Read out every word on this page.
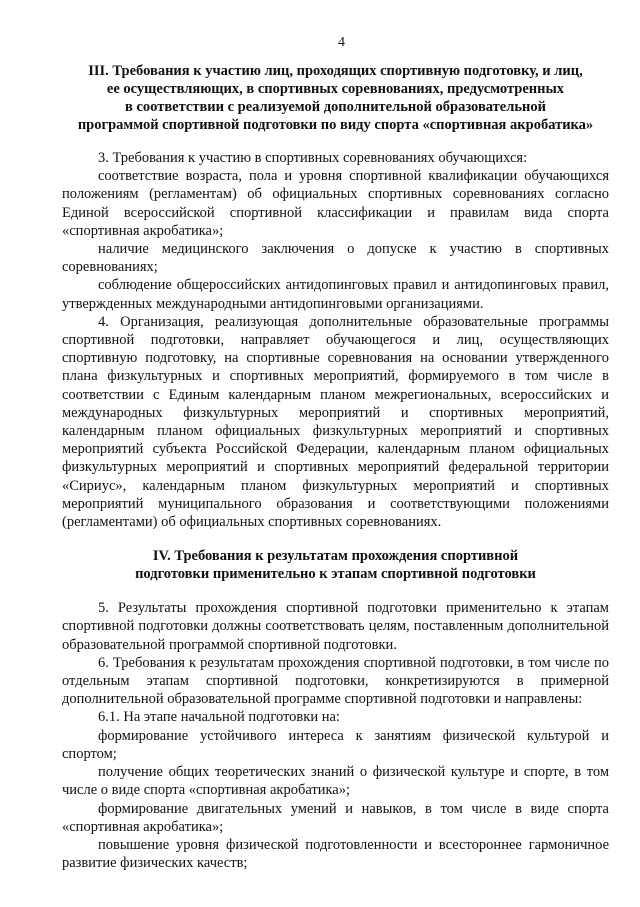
4
III. Требования к участию лиц, проходящих спортивную подготовку, и лиц,
ее осуществляющих, в спортивных соревнованиях, предусмотренных
в соответствии с реализуемой дополнительной образовательной
программой спортивной подготовки по виду спорта «спортивная акробатика»

3. Требования к участию в спортивных соревнованиях обучающихся:

соответствие возраста, пола и уровня спортивной квалификации обучающихся положениям (регламентам) об официальных спортивных соревнованиях согласно Единой всероссийской спортивной классификации и правилам вида спорта «спортивная акробатика»;

наличие медицинского заключения о допуске к участию в спортивных соревнованиях;

соблюдение общероссийских антидопинговых правил и антидопинговых правил, утвержденных международными антидопинговыми организациями.

4. Организация, реализующая дополнительные образовательные программы спортивной подготовки, направляет обучающегося и лиц, осуществляющих спортивную подготовку, на спортивные соревнования на основании утвержденного плана физкультурных и спортивных мероприятий, формируемого в том числе в соответствии с Единым календарным планом межрегиональных, всероссийских и международных физкультурных мероприятий и спортивных мероприятий, календарным планом официальных физкультурных мероприятий и спортивных мероприятий субъекта Российской Федерации, календарным планом официальных физкультурных мероприятий и спортивных мероприятий федеральной территории «Сириус», календарным планом физкультурных мероприятий и спортивных мероприятий муниципального образования и соответствующими положениями (регламентами) об официальных спортивных соревнованиях.

IV. Требования к результатам прохождения спортивной
подготовки применительно к этапам спортивной подготовки

5. Результаты прохождения спортивной подготовки применительно к этапам спортивной подготовки должны соответствовать целям, поставленным дополнительной образовательной программой спортивной подготовки.

6. Требования к результатам прохождения спортивной подготовки, в том числе по отдельным этапам спортивной подготовки, конкретизируются в примерной дополнительной образовательной программе спортивной подготовки и направлены:

6.1. На этапе начальной подготовки на:

формирование устойчивого интереса к занятиям физической культурой и спортом;

получение общих теоретических знаний о физической культуре и спорте, в том числе о виде спорта «спортивная акробатика»;

формирование двигательных умений и навыков, в том числе в виде спорта «спортивная акробатика»;

повышение уровня физической подготовленности и всестороннее гармоничное развитие физических качеств;
